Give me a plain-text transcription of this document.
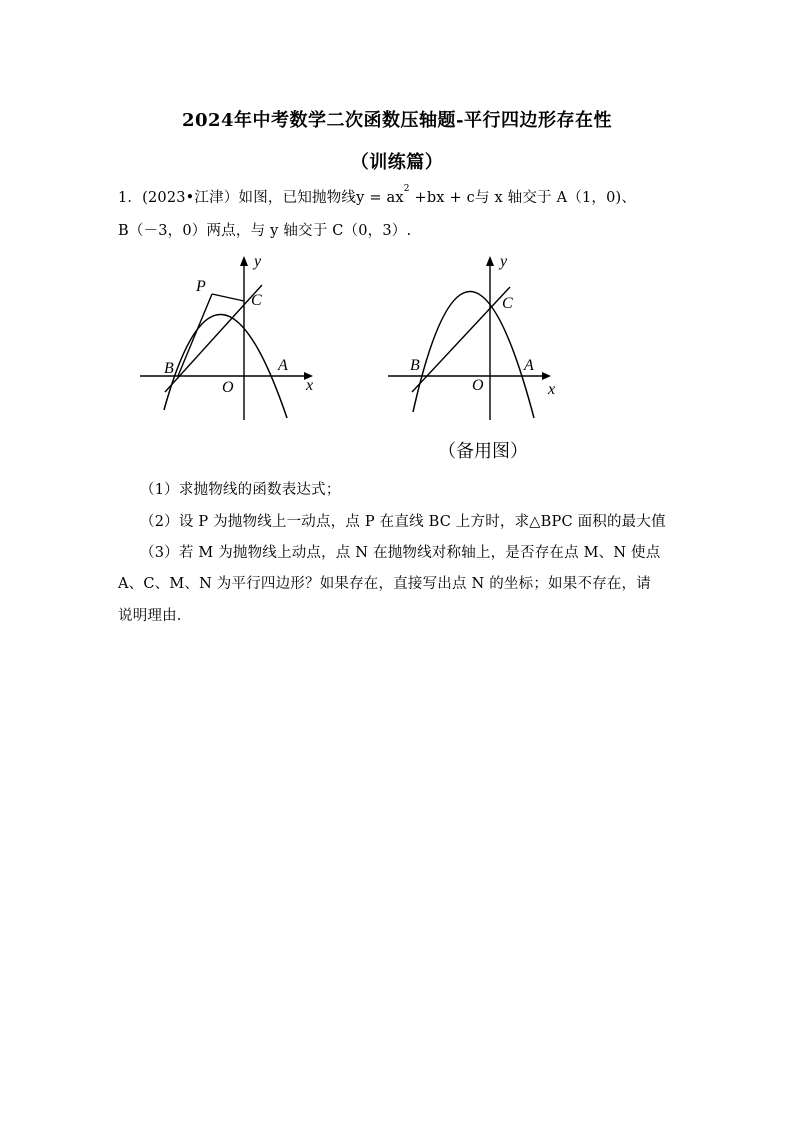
2024年中考数学二次函数压轴题-平行四边形存在性
（训练篇）
1．(2023•江津）如图，已知抛物线$y = ax^2 +bx + c$与 x 轴交于 A（1，0)、
B（－3，0）两点，与 y 轴交于 C（0，3）.
y
P
C
B	A
O	x
y
C
B	A
O	x
（备用图）
（1）求抛物线的函数表达式；
（2）设 P 为抛物线上一动点，点 P 在直线 BC 上方时，求△BPC 面积的最大值
（3）若 M 为抛物线上动点，点 N 在抛物线对称轴上，是否存在点 M、N 使点
A、C、M、N 为平行四边形？如果存在，直接写出点 N 的坐标；如果不存在，请
说明理由.
